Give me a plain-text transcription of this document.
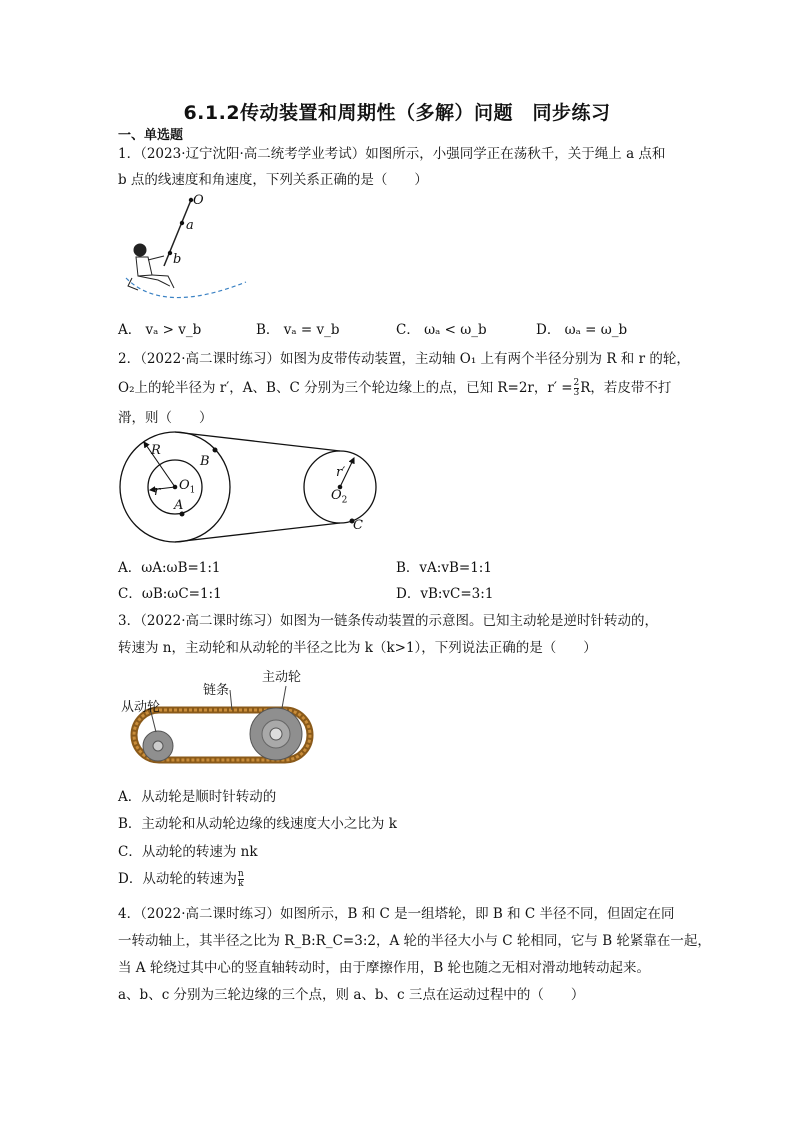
6.1.2传动装置和周期性（多解）问题　同步练习
一、单选题
1．（2023·辽宁沈阳·高二统考学业考试）如图所示，小强同学正在荡秋千，关于绳上 a 点和
b 点的线速度和角速度，下列关系正确的是（　　）
O
a
b
A． vₐ > v_b	B． vₐ = v_b	C． ωₐ < ω_b	D． ωₐ = ω_b
2．（2022·高二课时练习）如图为皮带传动装置，主动轴 O₁ 上有两个半径分别为 R 和 r 的轮，
O₂上的轮半径为 r′，A、B、C 分别为三个轮边缘上的点，已知 R=2r，$r' = \frac{2}{3}$ R，若皮带不打
滑，则（　　）
R
B
r $O_1$
A
r′
$O_2$
C
A．ωA:ωB=1:1	B．vA:vB=1:1
C．ωB:ωC=1:1	D．vB:vC=3:1
3．（2022·高二课时练习）如图为一链条传动装置的示意图。已知主动轮是逆时针转动的，
转速为 n，主动轮和从动轮的半径之比为 k（k>1），下列说法正确的是（　　）
主动轮
链条
从动轮
A．从动轮是顺时针转动的
B．主动轮和从动轮边缘的线速度大小之比为 k
C．从动轮的转速为 nk
D．从动轮的转速为 $\frac{n}{k}$
4．（2022·高二课时练习）如图所示，B 和 C 是一组塔轮，即 B 和 C 半径不同，但固定在同
一转动轴上，其半径之比为 R_B:R_C=3:2，A 轮的半径大小与 C 轮相同，它与 B 轮紧靠在一起，
当 A 轮绕过其中心的竖直轴转动时，由于摩擦作用，B 轮也随之无相对滑动地转动起来。
a、b、c 分别为三轮边缘的三个点，则 a、b、c 三点在运动过程中的（　　）
